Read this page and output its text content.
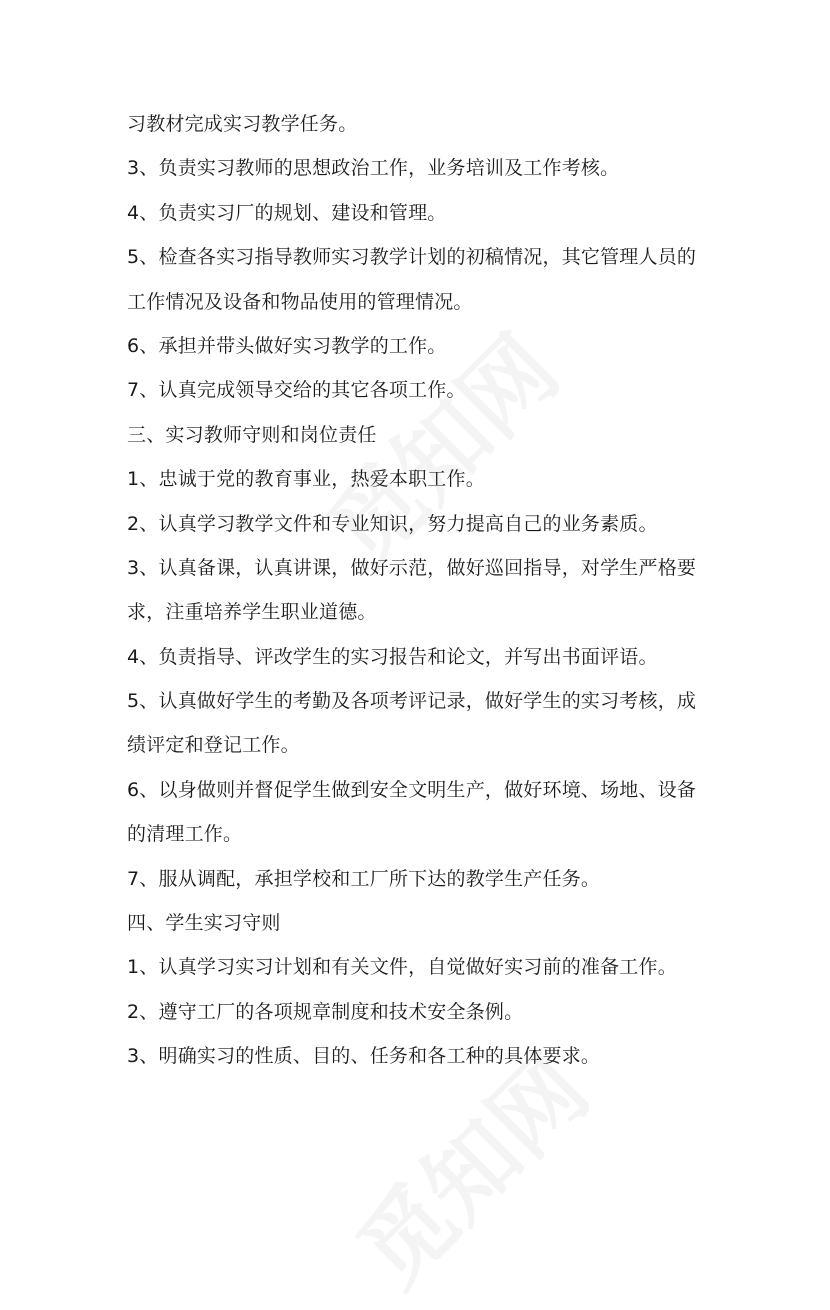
习教材完成实习教学任务。
3、负责实习教师的思想政治工作，业务培训及工作考核。
4、负责实习厂的规划、建设和管理。
5、检查各实习指导教师实习教学计划的初稿情况，其它管理人员的
工作情况及设备和物品使用的管理情况。
6、承担并带头做好实习教学的工作。
7、认真完成领导交给的其它各项工作。
三、实习教师守则和岗位责任
1、忠诚于党的教育事业，热爱本职工作。
2、认真学习教学文件和专业知识，努力提高自己的业务素质。
3、认真备课，认真讲课，做好示范，做好巡回指导，对学生严格要
求，注重培养学生职业道德。
4、负责指导、评改学生的实习报告和论文，并写出书面评语。
5、认真做好学生的考勤及各项考评记录，做好学生的实习考核，成
绩评定和登记工作。
6、以身做则并督促学生做到安全文明生产，做好环境、场地、设备
的清理工作。
7、服从调配，承担学校和工厂所下达的教学生产任务。
四、学生实习守则
1、认真学习实习计划和有关文件，自觉做好实习前的准备工作。
2、遵守工厂的各项规章制度和技术安全条例。
3、明确实习的性质、目的、任务和各工种的具体要求。
